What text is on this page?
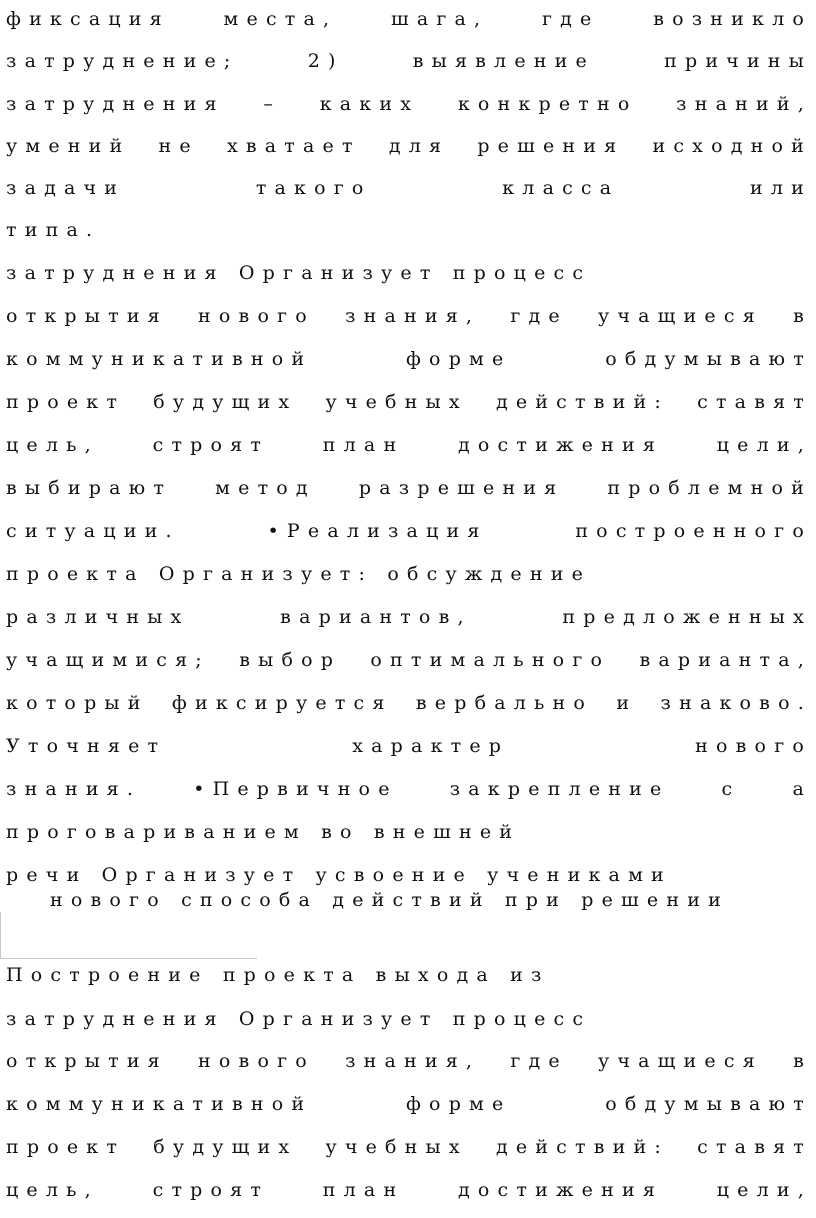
фиксация	места,	шага,	где	возникло
затруднение;	2)	выявление	причины
затруднения – каких конкретно знаний,
умений не хватает для решения исходной
задачи	такого	класса	или
типа.
затруднения Организует процесс
открытия нового знания, где учащиеся в
коммуникативной	форме	обдумывают
проект будущих учебных действий: ставят
цель,	строят	план	достижения	цели,
выбирают метод разрешения проблемной
ситуации.	•Реализация	построенного
проекта Организует: обсуждение
различных	вариантов,	предложенных
учащимися; выбор оптимального варианта,
который фиксируется вербально и знаково.
Уточняет	характер	нового
знания.	•Первичное	закрепление	с	а
проговариванием во внешней
речи Организует усвоение учениками
нового способа действий при решении
Построение проекта выхода из
затруднения Организует процесс
открытия нового знания, где учащиеся в
коммуникативной	форме	обдумывают
проект будущих учебных действий: ставят
цель,	строят	план	достижения	цели,
